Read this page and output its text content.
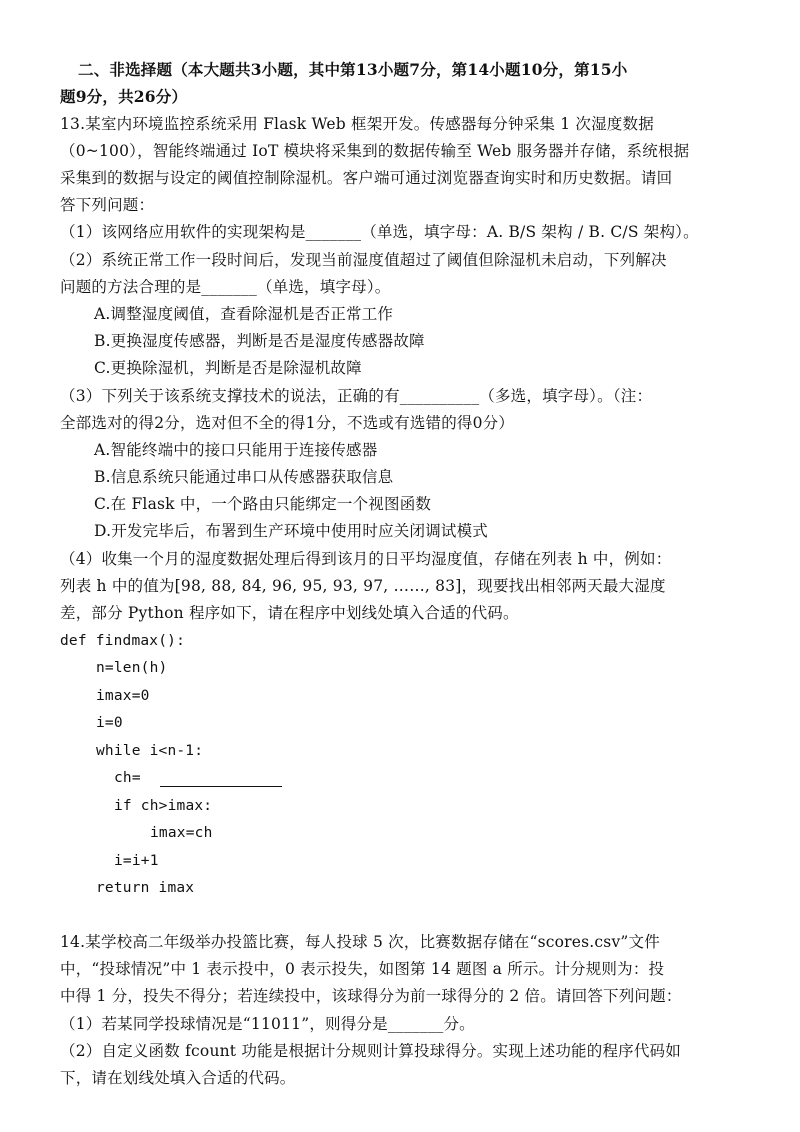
二、非选择题（本大题共3小题，其中第13小题7分，第14小题10分，第15小
题9分，共26分）
13.某室内环境监控系统采用 Flask Web 框架开发。传感器每分钟采集 1 次湿度数据
（0~100），智能终端通过 IoT 模块将采集到的数据传输至 Web 服务器并存储，系统根据
采集到的数据与设定的阈值控制除湿机。客户端可通过浏览器查询实时和历史数据。请回
答下列问题：
（1）该网络应用软件的实现架构是_______（单选，填字母：A. B/S 架构 / B. C/S 架构）。
（2）系统正常工作一段时间后，发现当前湿度值超过了阈值但除湿机未启动，下列解决
问题的方法合理的是_______（单选，填字母）。
A.调整湿度阈值，查看除湿机是否正常工作
B.更换湿度传感器，判断是否是湿度传感器故障
C.更换除湿机，判断是否是除湿机故障
（3）下列关于该系统支撑技术的说法，正确的有__________（多选，填字母）。（注：
全部选对的得2分，选对但不全的得1分，不选或有选错的得0分）
A.智能终端中的接口只能用于连接传感器
B.信息系统只能通过串口从传感器获取信息
C.在 Flask 中，一个路由只能绑定一个视图函数
D.开发完毕后，布署到生产环境中使用时应关闭调试模式
（4）收集一个月的湿度数据处理后得到该月的日平均湿度值，存储在列表 h 中，例如：
列表 h 中的值为[98, 88, 84, 96, 95, 93, 97, ……, 83]，现要找出相邻两天最大湿度
差，部分 Python 程序如下，请在程序中划线处填入合适的代码。
def findmax():
n=len(h)
imax=0
i=0
while i<n-1:
ch=
if ch>imax:
imax=ch
i=i+1
return imax
14.某学校高二年级举办投篮比赛，每人投球 5 次，比赛数据存储在“scores.csv”文件
中，“投球情况”中 1 表示投中，0 表示投失，如图第 14 题图 a 所示。计分规则为：投
中得 1 分，投失不得分；若连续投中，该球得分为前一球得分的 2 倍。请回答下列问题：
（1）若某同学投球情况是“11011”，则得分是_______分。
（2）自定义函数 fcount 功能是根据计分规则计算投球得分。实现上述功能的程序代码如
下，请在划线处填入合适的代码。
